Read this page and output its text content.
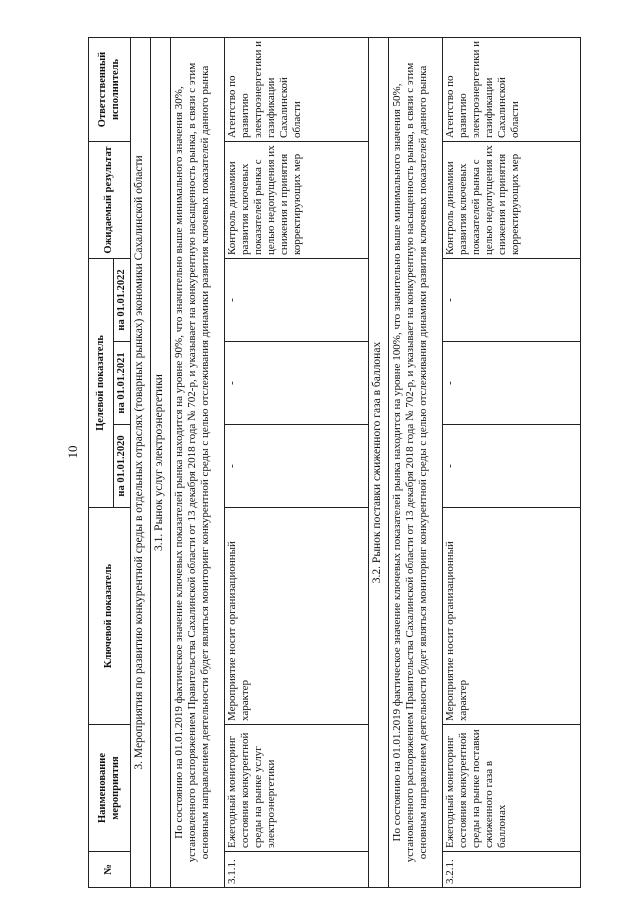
10
№	Наименование мероприятия	Ключевой показатель	Целевой показатель			Ожидаемый результат	Ответственный исполнитель
			на 01.01.2020	на 01.01.2021	на 01.01.2022		
3. Мероприятия по развитию конкурентной среды в отдельных отраслях (товарных рынках) экономики Сахалинской области							
3.1. Рынок услуг электроэнергетики							
По состоянию на 01.01.2019 фактическое значение ключевых показателей рынка находится на уровне 90%, что значительно выше минимального значения 30%, установленного распоряжением Правительства Сахалинской области от 13 декабря 2018 года № 702-р, и указывает на конкурентную насыщенность рынка, в связи с этим основным направлением деятельности будет являться мониторинг конкурентной среды с целью отслеживания динамики развития ключевых показателей данного рынка							
3.1.1.	Ежегодный мониторинг состояния конкурентной среды на рынке услуг электроэнергетики	Мероприятие носит организационный характер	-	-	-	Контроль динамики развития ключевых показателей рынка с целью недопущения их снижения и принятия корректирующих мер	Агентство по развитию электроэнергетики и газификации Сахалинской области
3.2. Рынок поставки сжиженного газа в баллонах							
По состоянию на 01.01.2019 фактическое значение ключевых показателей рынка находится на уровне 100%, что значительно выше минимального значения 50%, установленного распоряжением Правительства Сахалинской области от 13 декабря 2018 года № 702-р, и указывает на конкурентную насыщенность рынка, в связи с этим основным направлением деятельности будет являться мониторинг конкурентной среды с целью отслеживания динамики развития ключевых показателей данного рынка							
3.2.1.	Ежегодный мониторинг состояния конкурентной среды на рынке поставки сжиженного газа в баллонах	Мероприятие носит организационный характер	-	-	-	Контроль динамики развития ключевых показателей рынка с целью недопущения их снижения и принятия корректирующих мер	Агентство по развитию электроэнергетики и газификации Сахалинской области
